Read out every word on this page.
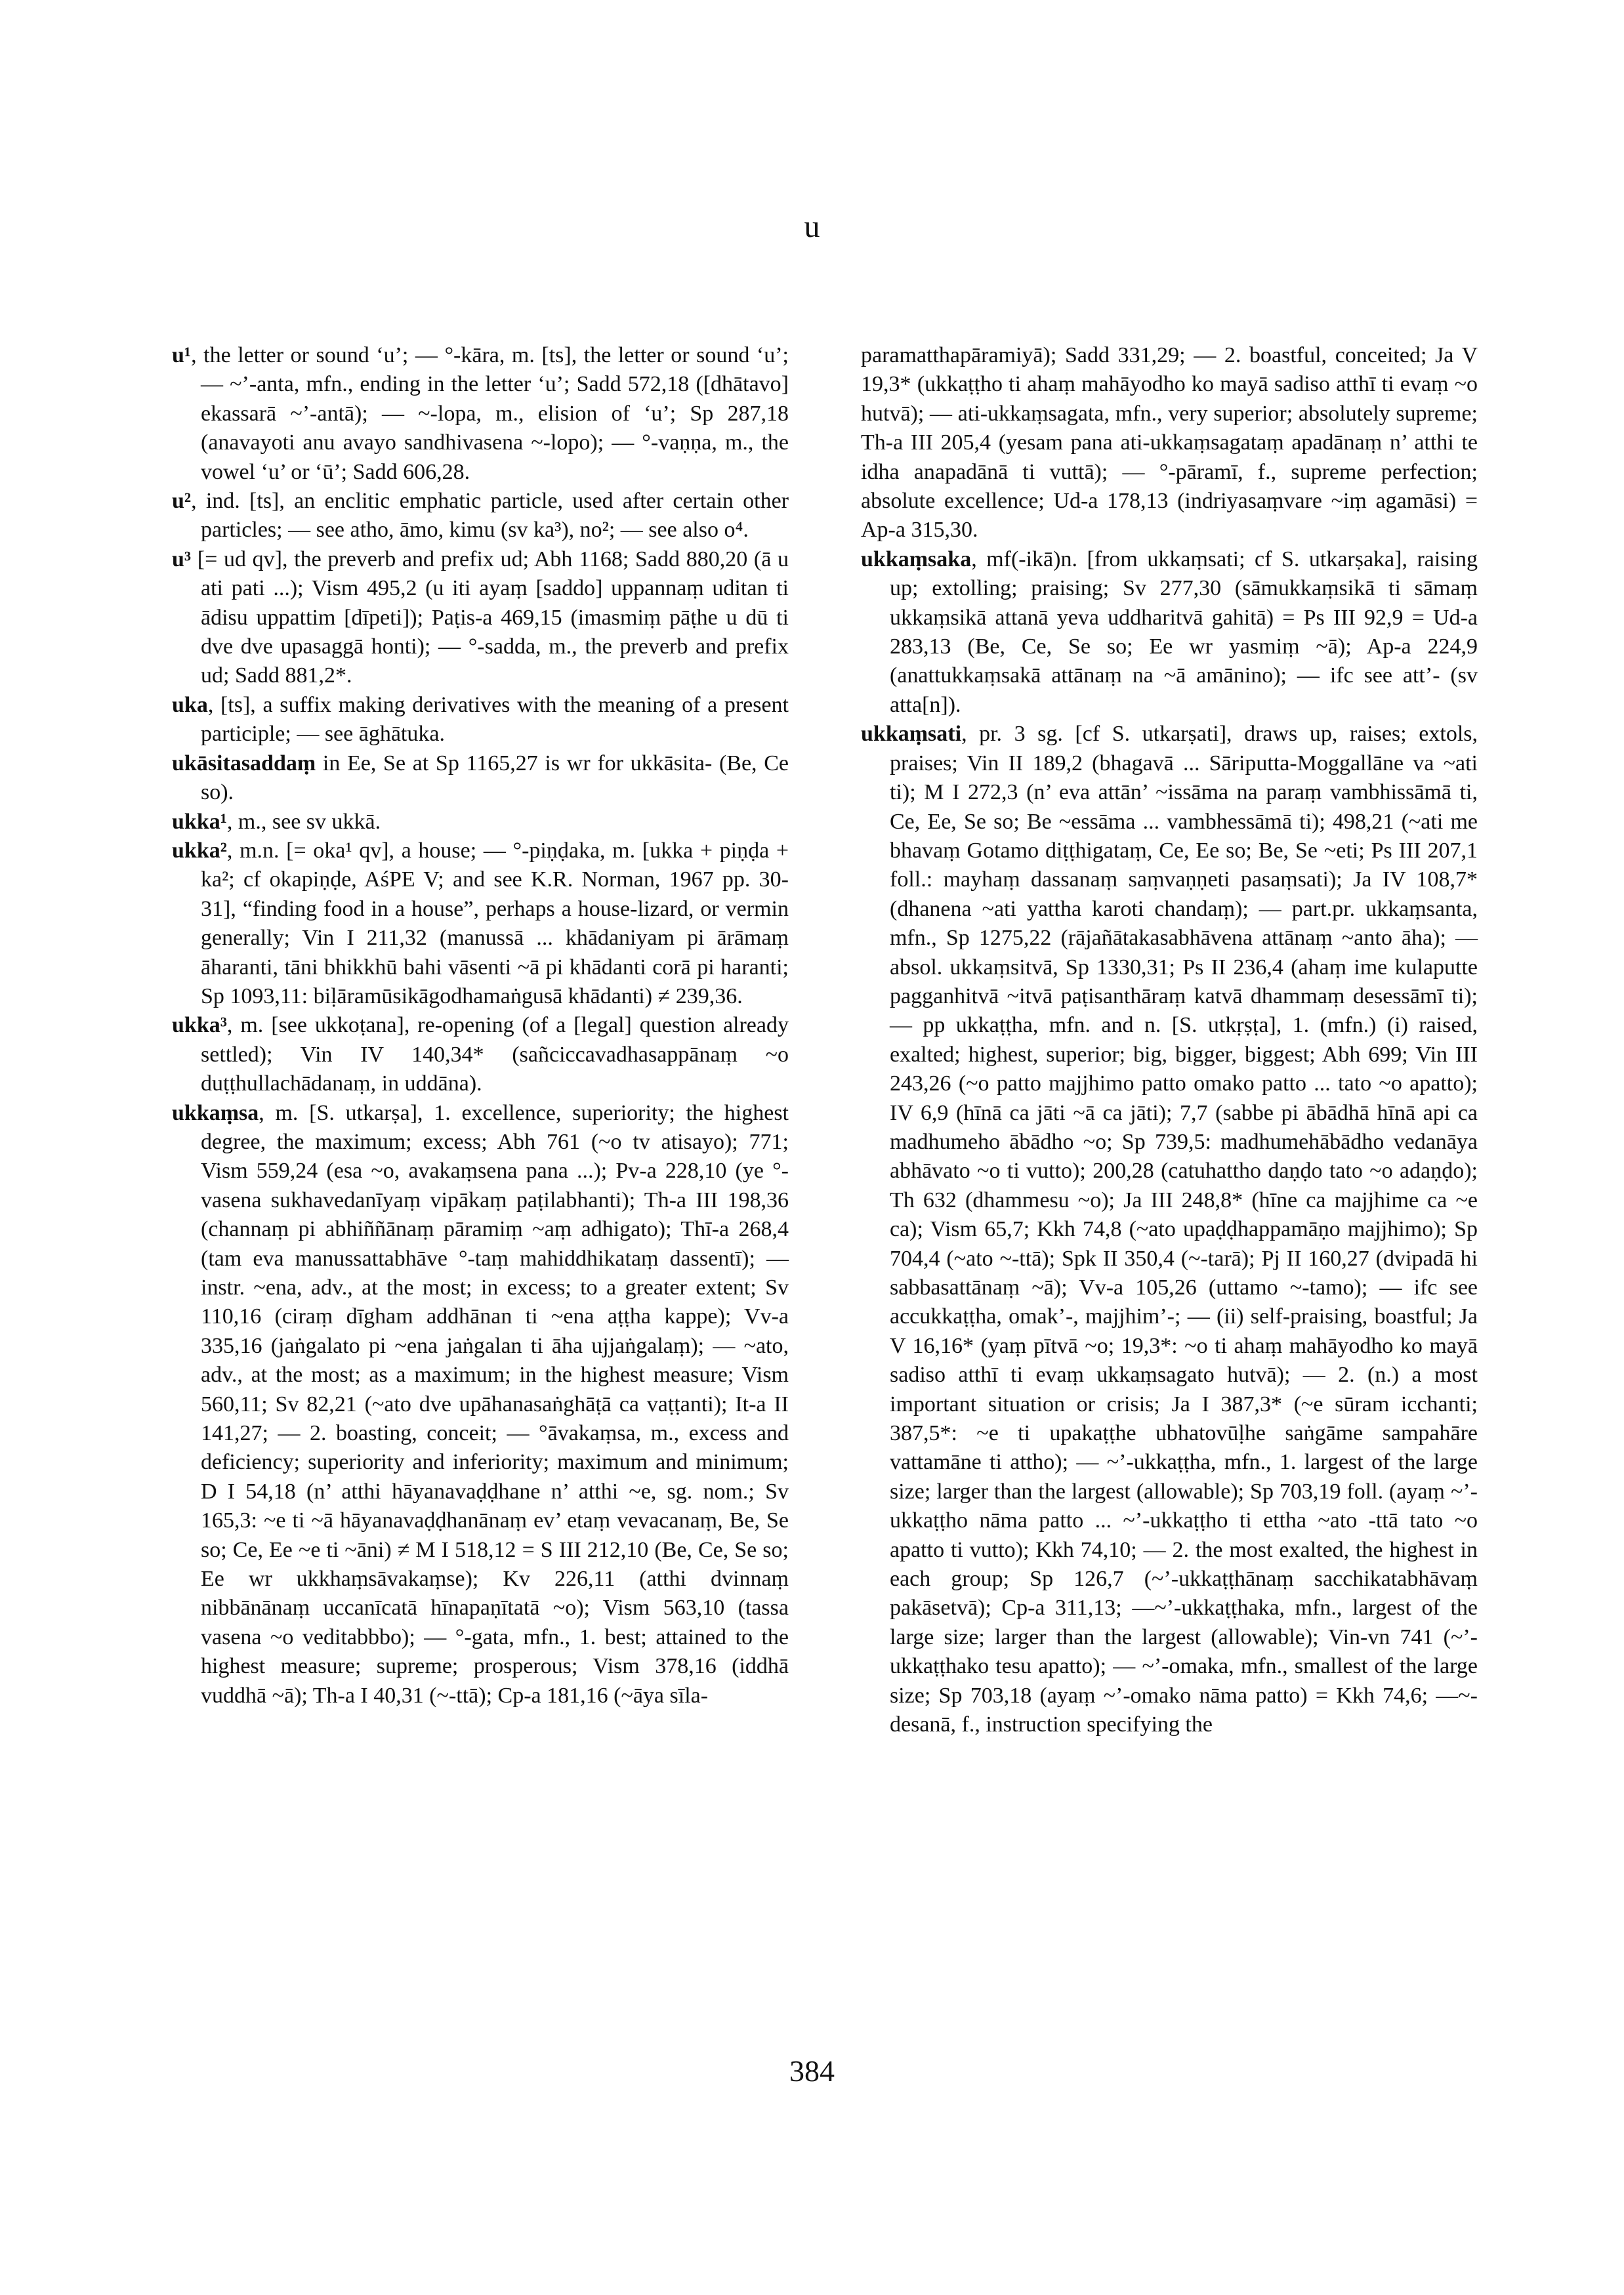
u

u¹, the letter or sound ‘u’; — °-kāra, m. [ts], the letter or sound ‘u’; — ~’-anta, mfn., ending in the letter ‘u’; Sadd 572,18 ([dhātavo] ekassarā ~’-antā); — ~-lopa, m., elision of ‘u’; Sp 287,18 (anavayoti anu avayo sandhivasena ~-lopo); — °-vaṇṇa, m., the vowel ‘u’ or ‘ū’; Sadd 606,28.

u², ind. [ts], an enclitic emphatic particle, used after certain other particles; — see atho, āmo, kimu (sv ka³), no²; — see also o⁴.

u³ [= ud qv], the preverb and prefix ud; Abh 1168; Sadd 880,20 (ā u ati pati ...); Vism 495,2 (u iti ayaṃ [saddo] uppannaṃ uditan ti ādisu uppattim [dīpeti]); Paṭis-a 469,15 (imasmiṃ pāṭhe u dū ti dve dve upasaggā honti); — °-sadda, m., the preverb and prefix ud; Sadd 881,2*.

uka, [ts], a suffix making derivatives with the meaning of a present participle; — see āghātuka.

ukāsitasaddaṃ in Ee, Se at Sp 1165,27 is wr for ukkāsita- (Be, Ce so).

ukka¹, m., see sv ukkā.

ukka², m.n. [= oka¹ qv], a house; — °-piṇḍaka, m. [ukka + piṇḍa + ka²; cf okapiṇḍe, AśPE V; and see K.R. Norman, 1967 pp. 30-31], “finding food in a house”, perhaps a house-lizard, or vermin generally; Vin I 211,32 (manussā ... khādaniyam pi ārāmaṃ āharanti, tāni bhikkhū bahi vāsenti ~ā pi khādanti corā pi haranti; Sp 1093,11: biḷāramūsikāgodhamaṅgusā khādanti) ≠ 239,36.

ukka³, m. [see ukkoṭana], re-opening (of a [legal] question already settled); Vin IV 140,34* (sañciccavadhasappānaṃ ~o duṭṭhullachādanaṃ, in uddāna).

ukkaṃsa, m. [S. utkarṣa], 1. excellence, superiority; the highest degree, the maximum; excess; Abh 761 (~o tv atisayo); 771; Vism 559,24 (esa ~o, avakaṃsena pana ...); Pv-a 228,10 (ye °-vasena sukhavedanīyaṃ vipākaṃ paṭilabhanti); Th-a III 198,36 (channaṃ pi abhiññānaṃ pāramiṃ ~aṃ adhigato); Thī-a 268,4 (tam eva manussattabhāve °-taṃ mahiddhikataṃ dassentī); — instr. ~ena, adv., at the most; in excess; to a greater extent; Sv 110,16 (ciraṃ dīgham addhānan ti ~ena aṭṭha kappe); Vv-a 335,16 (jaṅgalato pi ~ena jaṅgalan ti āha ujjaṅgalaṃ); — ~ato, adv., at the most; as a maximum; in the highest measure; Vism 560,11; Sv 82,21 (~ato dve upāhanasaṅghāṭā ca vaṭṭanti); It-a II 141,27; — 2. boasting, conceit; — °āvakaṃsa, m., excess and deficiency; superiority and inferiority; maximum and minimum; D I 54,18 (n’ atthi hāyanavaḍḍhane n’ atthi ~e, sg. nom.; Sv 165,3: ~e ti ~ā hāyanavaḍḍhanānaṃ ev’ etaṃ vevacanaṃ, Be, Se so; Ce, Ee ~e ti ~āni) ≠ M I 518,12 = S III 212,10 (Be, Ce, Se so; Ee wr ukkhaṃsāvakaṃse); Kv 226,11 (atthi dvinnaṃ nibbānānaṃ uccanīcatā hīnapaṇītatā ~o); Vism 563,10 (tassa vasena ~o veditabbbo); — °-gata, mfn., 1. best; attained to the highest measure; supreme; prosperous; Vism 378,16 (iddhā vuddhā ~ā); Th-a I 40,31 (~-ttā); Cp-a 181,16 (~āya sīla-

paramatthapāramiyā); Sadd 331,29; — 2. boastful, conceited; Ja V 19,3* (ukkaṭṭho ti ahaṃ mahāyodho ko mayā sadiso atthī ti evaṃ ~o hutvā); — ati-ukkaṃsagata, mfn., very superior; absolutely supreme; Th-a III 205,4 (yesam pana ati-ukkaṃsagataṃ apadānaṃ n’ atthi te idha anapadānā ti vuttā); — °-pāramī, f., supreme perfection; absolute excellence; Ud-a 178,13 (indriyasaṃvare ~iṃ agamāsi) = Ap-a 315,30.

ukkaṃsaka, mf(-ikā)n. [from ukkaṃsati; cf S. utkarṣaka], raising up; extolling; praising; Sv 277,30 (sāmukkaṃsikā ti sāmaṃ ukkaṃsikā attanā yeva uddharitvā gahitā) = Ps III 92,9 = Ud-a 283,13 (Be, Ce, Se so; Ee wr yasmiṃ ~ā); Ap-a 224,9 (anattukkaṃsakā attānaṃ na ~ā amānino); — ifc see att’- (sv atta[n]).

ukkaṃsati, pr. 3 sg. [cf S. utkarṣati], draws up, raises; extols, praises; Vin II 189,2 (bhagavā ... Sāriputta-Moggallāne va ~ati ti); M I 272,3 (n’ eva attān’ ~issāma na paraṃ vambhissāmā ti, Ce, Ee, Se so; Be ~essāma ... vambhessāmā ti); 498,21 (~ati me bhavaṃ Gotamo diṭṭhigataṃ, Ce, Ee so; Be, Se ~eti; Ps III 207,1 foll.: mayhaṃ dassanaṃ saṃvaṇṇeti pasaṃsati); Ja IV 108,7* (dhanena ~ati yattha karoti chandaṃ); — part.pr. ukkaṃsanta, mfn., Sp 1275,22 (rājañātakasabhāvena attānaṃ ~anto āha); — absol. ukkaṃsitvā, Sp 1330,31; Ps II 236,4 (ahaṃ ime kulaputte pagganhitvā ~itvā paṭisanthāraṃ katvā dhammaṃ desessāmī ti); — pp ukkaṭṭha, mfn. and n. [S. utkṛṣṭa], 1. (mfn.) (i) raised, exalted; highest, superior; big, bigger, biggest; Abh 699; Vin III 243,26 (~o patto majjhimo patto omako patto ... tato ~o apatto); IV 6,9 (hīnā ca jāti ~ā ca jāti); 7,7 (sabbe pi ābādhā hīnā api ca madhumeho ābādho ~o; Sp 739,5: madhumehābādho vedanāya abhāvato ~o ti vutto); 200,28 (catuhattho daṇḍo tato ~o adaṇḍo); Th 632 (dhammesu ~o); Ja III 248,8* (hīne ca majjhime ca ~e ca); Vism 65,7; Kkh 74,8 (~ato upaḍḍhappamāṇo majjhimo); Sp 704,4 (~ato ~-ttā); Spk II 350,4 (~-tarā); Pj II 160,27 (dvipadā hi sabbasattānaṃ ~ā); Vv-a 105,26 (uttamo ~-tamo); — ifc see accukkaṭṭha, omak’-, majjhim’-; — (ii) self-praising, boastful; Ja V 16,16* (yaṃ pītvā ~o; 19,3*: ~o ti ahaṃ mahāyodho ko mayā sadiso atthī ti evaṃ ukkaṃsagato hutvā); — 2. (n.) a most important situation or crisis; Ja I 387,3* (~e sūram icchanti; 387,5*: ~e ti upakaṭṭhe ubhatovūḷhe saṅgāme sampahāre vattamāne ti attho); — ~’-ukkaṭṭha, mfn., 1. largest of the large size; larger than the largest (allowable); Sp 703,19 foll. (ayaṃ ~’-ukkaṭṭho nāma patto ... ~’-ukkaṭṭho ti ettha ~ato -ttā tato ~o apatto ti vutto); Kkh 74,10; — 2. the most exalted, the highest in each group; Sp 126,7 (~’-ukkaṭṭhānaṃ sacchikatabhāvaṃ pakāsetvā); Cp-a 311,13; —~’-ukkaṭṭhaka, mfn., largest of the large size; larger than the largest (allowable); Vin-vn 741 (~’-ukkaṭṭhako tesu apatto); — ~’-omaka, mfn., smallest of the large size; Sp 703,18 (ayaṃ ~’-omako nāma patto) = Kkh 74,6; —~-desanā, f., instruction specifying the

384
